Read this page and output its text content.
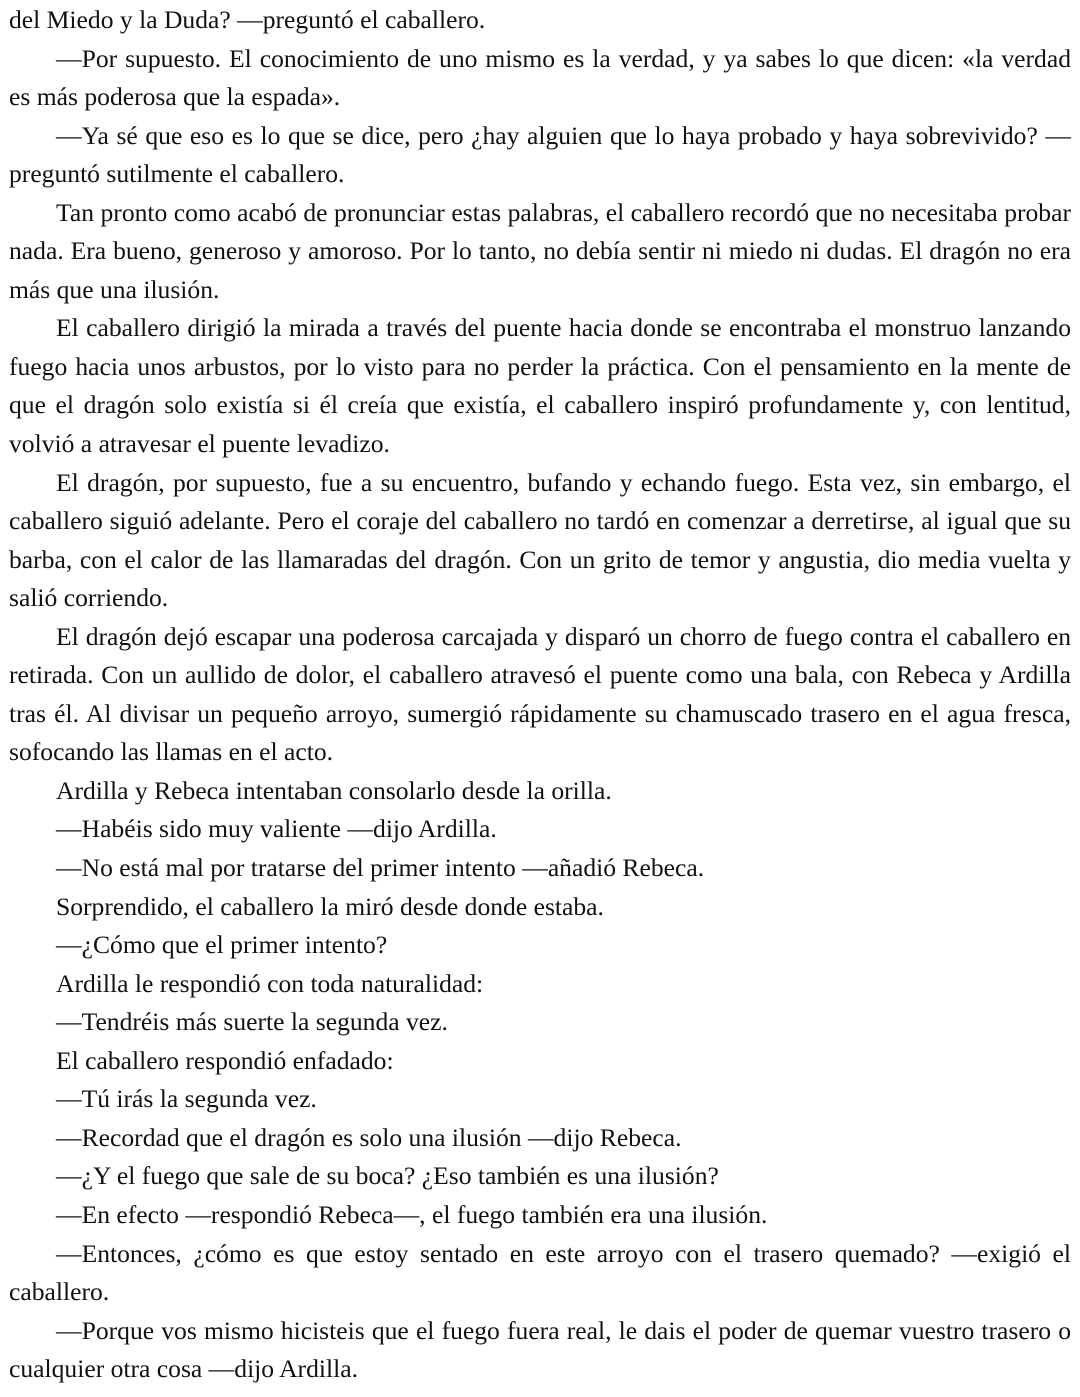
del Miedo y la Duda? —preguntó el caballero.

—Por supuesto. El conocimiento de uno mismo es la verdad, y ya sabes lo que dicen: «la verdad es más poderosa que la espada».

—Ya sé que eso es lo que se dice, pero ¿hay alguien que lo haya probado y haya sobrevivido? —preguntó sutilmente el caballero.

Tan pronto como acabó de pronunciar estas palabras, el caballero recordó que no necesitaba probar nada. Era bueno, generoso y amoroso. Por lo tanto, no debía sentir ni miedo ni dudas. El dragón no era más que una ilusión.

El caballero dirigió la mirada a través del puente hacia donde se encontraba el monstruo lanzando fuego hacia unos arbustos, por lo visto para no perder la práctica. Con el pensamiento en la mente de que el dragón solo existía si él creía que existía, el caballero inspiró profundamente y, con lentitud, volvió a atravesar el puente levadizo.

El dragón, por supuesto, fue a su encuentro, bufando y echando fuego. Esta vez, sin embargo, el caballero siguió adelante. Pero el coraje del caballero no tardó en comenzar a derretirse, al igual que su barba, con el calor de las llamaradas del dragón. Con un grito de temor y angustia, dio media vuelta y salió corriendo.

El dragón dejó escapar una poderosa carcajada y disparó un chorro de fuego contra el caballero en retirada. Con un aullido de dolor, el caballero atravesó el puente como una bala, con Rebeca y Ardilla tras él. Al divisar un pequeño arroyo, sumergió rápidamente su chamuscado trasero en el agua fresca, sofocando las llamas en el acto.

Ardilla y Rebeca intentaban consolarlo desde la orilla.

—Habéis sido muy valiente —dijo Ardilla.

—No está mal por tratarse del primer intento —añadió Rebeca.

Sorprendido, el caballero la miró desde donde estaba.

—¿Cómo que el primer intento?

Ardilla le respondió con toda naturalidad:

—Tendréis más suerte la segunda vez.

El caballero respondió enfadado:

—Tú irás la segunda vez.

—Recordad que el dragón es solo una ilusión —dijo Rebeca.

—¿Y el fuego que sale de su boca? ¿Eso también es una ilusión?

—En efecto —respondió Rebeca—, el fuego también era una ilusión.

—Entonces, ¿cómo es que estoy sentado en este arroyo con el trasero quemado? —exigió el caballero.

—Porque vos mismo hicisteis que el fuego fuera real, le dais el poder de quemar vuestro trasero o cualquier otra cosa —dijo Ardilla.
